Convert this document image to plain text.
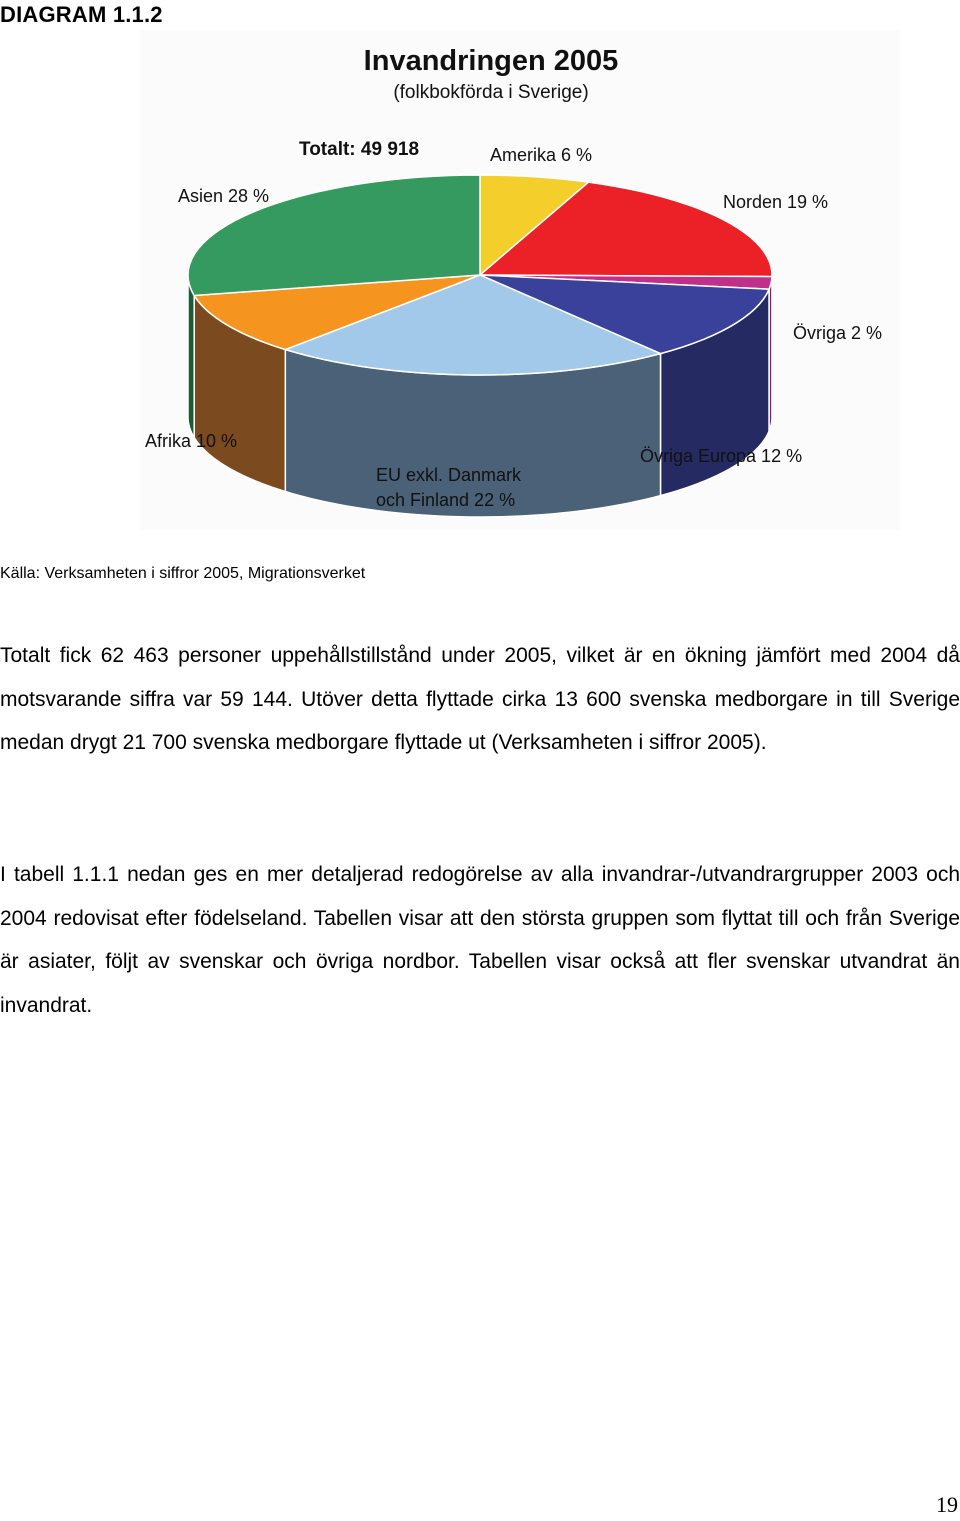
DIAGRAM 1.1.2
Invandringen 2005
(folkbokförda i Sverige)
Totalt: 49 918	Amerika 6 %
Norden 19 %
Övriga 2 %
Övriga Europa 12 %
EU exkl. Danmark och Finland 22 %
Afrika 10 %
Asien 28 %
Källa: Verksamheten i siffror 2005, Migrationsverket

Totalt fick 62 463 personer uppehållstillstånd under 2005, vilket är en ökning jämfört med 2004 då motsvarande siffra var 59 144. Utöver detta flyttade cirka 13 600 svenska medborgare in till Sverige medan drygt 21 700 svenska medborgare flyttade ut (Verksamheten i siffror 2005).

I tabell 1.1.1 nedan ges en mer detaljerad redogörelse av alla invandrar-/utvandrargrupper 2003 och 2004 redovisat efter födelseland. Tabellen visar att den största gruppen som flyttat till och från Sverige är asiater, följt av svenskar och övriga nordbor. Tabellen visar också att fler svenskar utvandrat än invandrat.

19
